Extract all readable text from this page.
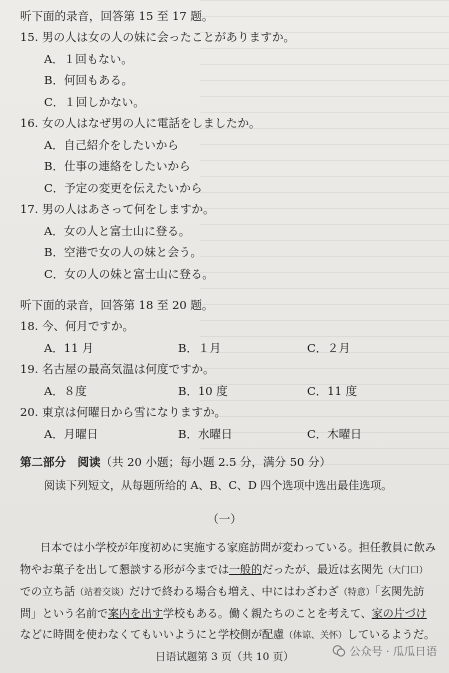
听下面的录音，回答第 15 至 17 题。
15. 男の人は女の人の妹に会ったことがありますか。
A．１回もない。
B．何回もある。
C．１回しかない。
16. 女の人はなぜ男の人に電話をしましたか。
A．自己紹介をしたいから
B．仕事の連絡をしたいから
C．予定の変更を伝えたいから
17. 男の人はあさって何をしますか。
A．女の人と富士山に登る。
B．空港で女の人の妹と会う。
C．女の人の妹と富士山に登る。
听下面的录音，回答第 18 至 20 题。
18. 今、何月ですか。
A．11 月	B．１月	C．２月
19. 名古屋の最高気温は何度ですか。
A．８度	B．10 度	C．11 度
20. 東京は何曜日から雪になりますか。
A．月曜日	B．水曜日	C．木曜日
第二部分　阅读（共 20 小题；每小题 2.5 分，满分 50 分）
阅读下列短文，从每题所给的 A、B、C、D 四个选项中选出最佳选项。
（一）
日本では小学校が年度初めに実施する家庭訪問が変わっている。担任教員に飲み
物やお菓子を出して懇談する形が今までは一般的だったが、最近は玄関先（大门口）
での立ち話（站着交谈）だけで終わる場合も増え、中にはわざわざ（特意）「玄関先訪
問」という名前で案内を出す学校もある。働く親たちのことを考えて、家の片づけ
などに時間を使わなくてもいいようにと学校側が配慮（体谅、关怀）しているようだ。
日语试题第 3 页（共 10 页）	公众号 · 瓜瓜日语
